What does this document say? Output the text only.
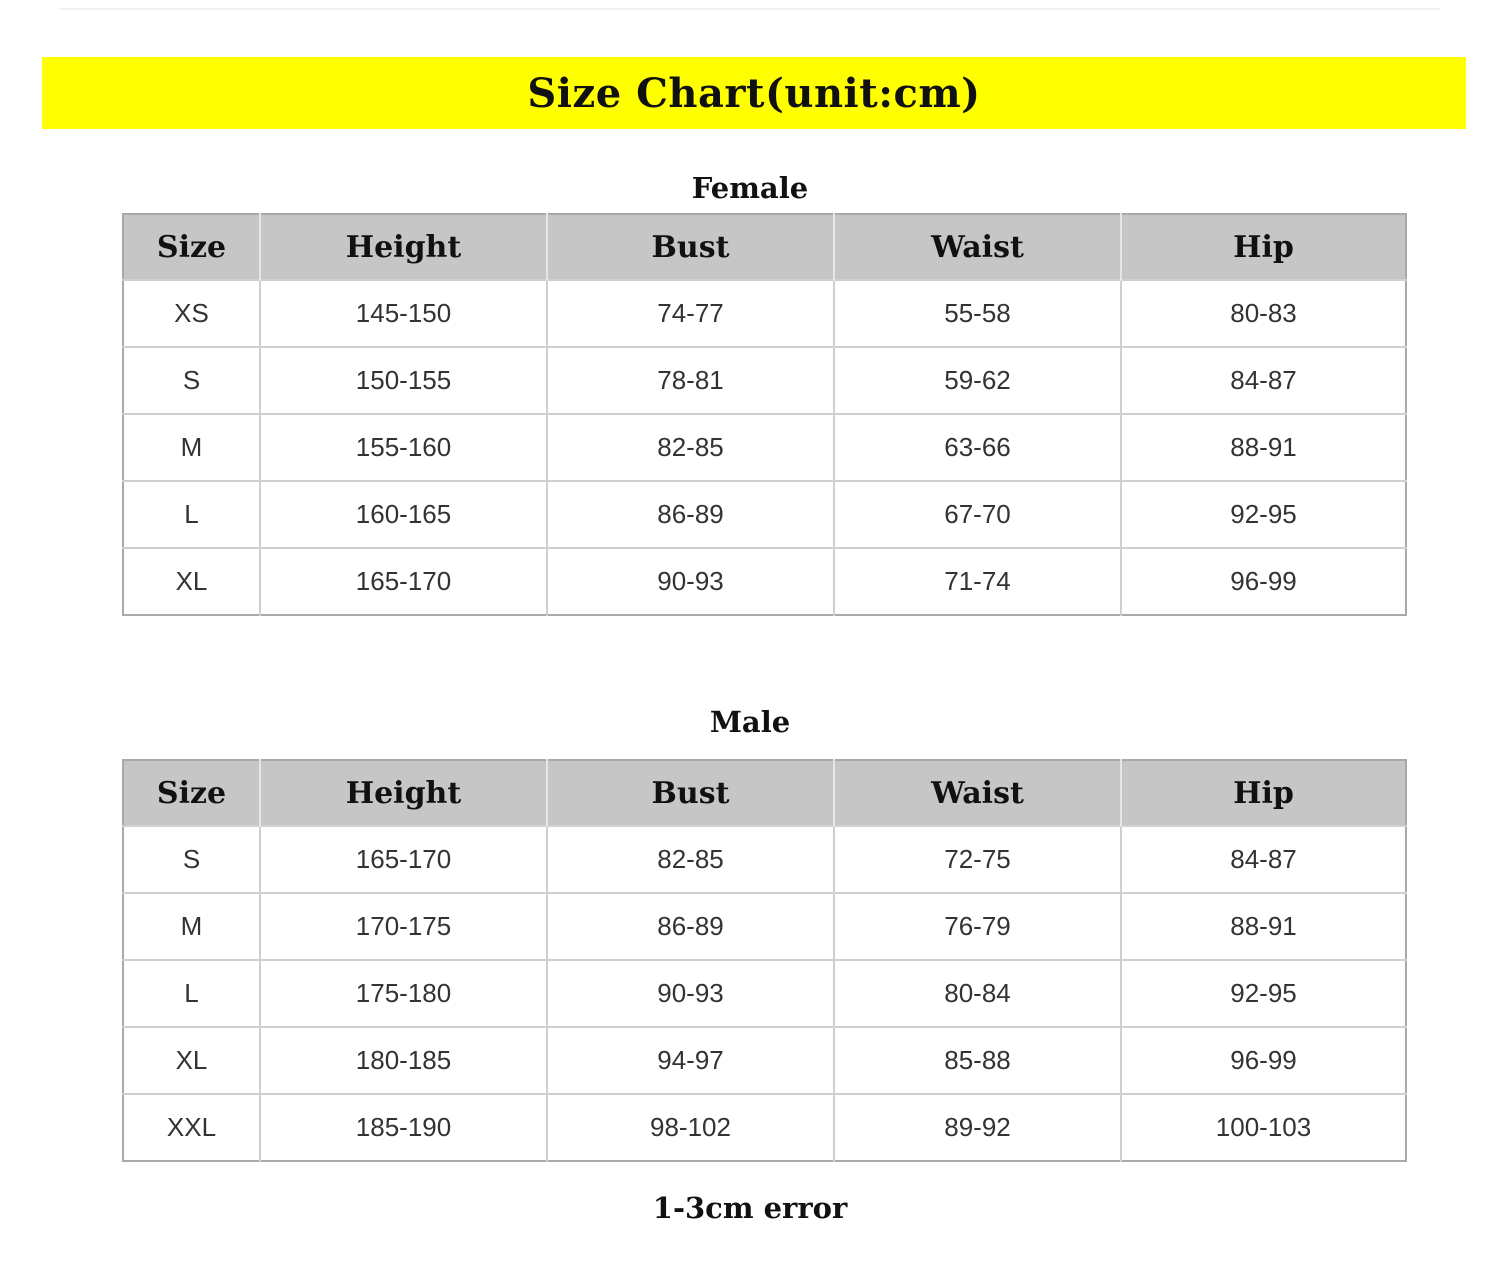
Size Chart(unit:cm)
Female
Size	Height	Bust	Waist	Hip
XS	145-150	74-77	55-58	80-83
S	150-155	78-81	59-62	84-87
M	155-160	82-85	63-66	88-91
L	160-165	86-89	67-70	92-95
XL	165-170	90-93	71-74	96-99
Male
Size	Height	Bust	Waist	Hip
S	165-170	82-85	72-75	84-87
M	170-175	86-89	76-79	88-91
L	175-180	90-93	80-84	92-95
XL	180-185	94-97	85-88	96-99
XXL	185-190	98-102	89-92	100-103
1-3cm error
